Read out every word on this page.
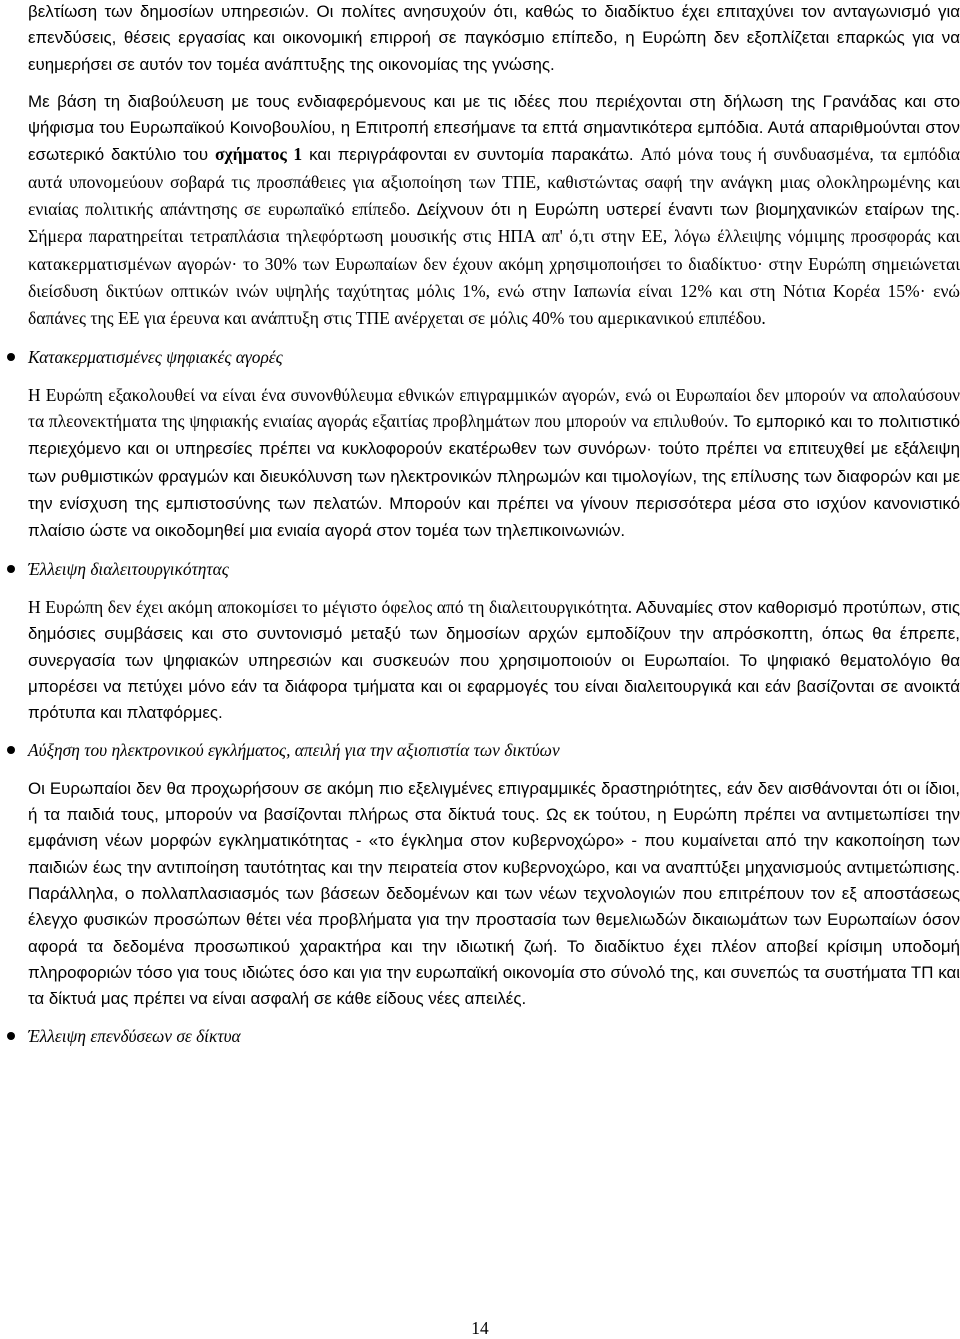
βελτίωση των δημοσίων υπηρεσιών. Οι πολίτες ανησυχούν ότι, καθώς το διαδίκτυο έχει επιταχύνει τον ανταγωνισμό για επενδύσεις, θέσεις εργασίας και οικονομική επιρροή σε παγκόσμιο επίπεδο, η Ευρώπη δεν εξοπλίζεται επαρκώς για να ευημερήσει σε αυτόν τον τομέα ανάπτυξης της οικονομίας της γνώσης.

Με βάση τη διαβούλευση με τους ενδιαφερόμενους και με τις ιδέες που περιέχονται στη δήλωση της Γρανάδας και στο ψήφισμα του Ευρωπαϊκού Κοινοβουλίου, η Επιτροπή επεσήμανε τα επτά σημαντικότερα εμπόδια. Αυτά απαριθμούνται στον εσωτερικό δακτύλιο του σχήματος 1 και περιγράφονται εν συντομία παρακάτω. Από μόνα τους ή συνδυασμένα, τα εμπόδια αυτά υπονομεύουν σοβαρά τις προσπάθειες για αξιοποίηση των ΤΠΕ, καθιστώντας σαφή την ανάγκη μιας ολοκληρωμένης και ενιαίας πολιτικής απάντησης σε ευρωπαϊκό επίπεδο. Δείχνουν ότι η Ευρώπη υστερεί έναντι των βιομηχανικών εταίρων της. Σήμερα παρατηρείται τετραπλάσια τηλεφόρτωση μουσικής στις ΗΠΑ απ' ό,τι στην ΕΕ, λόγω έλλειψης νόμιμης προσφοράς και κατακερματισμένων αγορών· το 30% των Ευρωπαίων δεν έχουν ακόμη χρησιμοποιήσει το διαδίκτυο· στην Ευρώπη σημειώνεται διείσδυση δικτύων οπτικών ινών υψηλής ταχύτητας μόλις 1%, ενώ στην Ιαπωνία είναι 12% και στη Νότια Κορέα 15%· ενώ δαπάνες της ΕΕ για έρευνα και ανάπτυξη στις ΤΠΕ ανέρχεται σε μόλις 40% του αμερικανικού επιπέδου.

Κατακερματισμένες ψηφιακές αγορές

Η Ευρώπη εξακολουθεί να είναι ένα συνονθύλευμα εθνικών επιγραμμικών αγορών, ενώ οι Ευρωπαίοι δεν μπορούν να απολαύσουν τα πλεονεκτήματα της ψηφιακής ενιαίας αγοράς εξαιτίας προβλημάτων που μπορούν να επιλυθούν. Το εμπορικό και το πολιτιστικό περιεχόμενο και οι υπηρεσίες πρέπει να κυκλοφορούν εκατέρωθεν των συνόρων· τούτο πρέπει να επιτευχθεί με εξάλειψη των ρυθμιστικών φραγμών και διευκόλυνση των ηλεκτρονικών πληρωμών και τιμολογίων, της επίλυσης των διαφορών και με την ενίσχυση της εμπιστοσύνης των πελατών. Μπορούν και πρέπει να γίνουν περισσότερα μέσα στο ισχύον κανονιστικό πλαίσιο ώστε να οικοδομηθεί μια ενιαία αγορά στον τομέα των τηλεπικοινωνιών.

Έλλειψη διαλειτουργικότητας

Η Ευρώπη δεν έχει ακόμη αποκομίσει το μέγιστο όφελος από τη διαλειτουργικότητα. Αδυναμίες στον καθορισμό προτύπων, στις δημόσιες συμβάσεις και στο συντονισμό μεταξύ των δημοσίων αρχών εμποδίζουν την απρόσκοπτη, όπως θα έπρεπε, συνεργασία των ψηφιακών υπηρεσιών και συσκευών που χρησιμοποιούν οι Ευρωπαίοι. Το ψηφιακό θεματολόγιο θα μπορέσει να πετύχει μόνο εάν τα διάφορα τμήματα και οι εφαρμογές του είναι διαλειτουργικά και εάν βασίζονται σε ανοικτά πρότυπα και πλατφόρμες.

Αύξηση του ηλεκτρονικού εγκλήματος, απειλή για την αξιοπιστία των δικτύων

Οι Ευρωπαίοι δεν θα προχωρήσουν σε ακόμη πιο εξελιγμένες επιγραμμικές δραστηριότητες, εάν δεν αισθάνονται ότι οι ίδιοι, ή τα παιδιά τους, μπορούν να βασίζονται πλήρως στα δίκτυά τους. Ως εκ τούτου, η Ευρώπη πρέπει να αντιμετωπίσει την εμφάνιση νέων μορφών εγκληματικότητας - «το έγκλημα στον κυβερνοχώρο» - που κυμαίνεται από την κακοποίηση των παιδιών έως την αντιποίηση ταυτότητας και την πειρατεία στον κυβερνοχώρο, και να αναπτύξει μηχανισμούς αντιμετώπισης. Παράλληλα, ο πολλαπλασιασμός των βάσεων δεδομένων και των νέων τεχνολογιών που επιτρέπουν τον εξ αποστάσεως έλεγχο φυσικών προσώπων θέτει νέα προβλήματα για την προστασία των θεμελιωδών δικαιωμάτων των Ευρωπαίων όσον αφορά τα δεδομένα προσωπικού χαρακτήρα και την ιδιωτική ζωή. Το διαδίκτυο έχει πλέον αποβεί κρίσιμη υποδομή πληροφοριών τόσο για τους ιδιώτες όσο και για την ευρωπαϊκή οικονομία στο σύνολό της, και συνεπώς τα συστήματα ΤΠ και τα δίκτυά μας πρέπει να είναι ασφαλή σε κάθε είδους νέες απειλές.

Έλλειψη επενδύσεων σε δίκτυα

14
